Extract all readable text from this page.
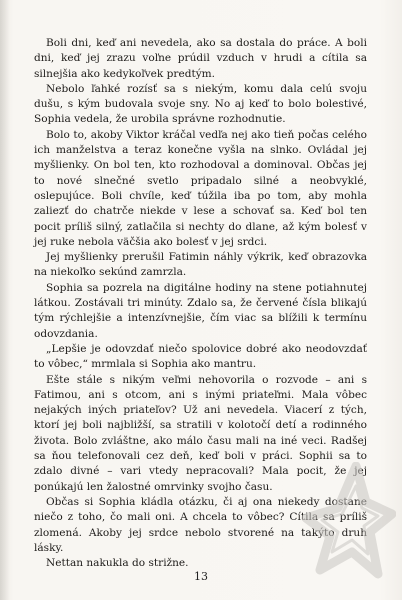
Boli dni, keď ani nevedela, ako sa dostala do práce. A boli dni, keď jej zrazu voľne prúdil vzduch v hrudi a cítila sa silnejšia ako kedykoľvek predtým.

Nebolo ľahké rozísť sa s niekým, komu dala celú svoju dušu, s kým budovala svoje sny. No aj keď to bolo bolestivé, Sophia vedela, že urobila správne rozhodnutie.

Bolo to, akoby Viktor kráčal vedľa nej ako tieň počas celého ich manželstva a teraz konečne vyšla na slnko. Ovládal jej myšlienky. On bol ten, kto rozhodoval a dominoval. Občas jej to nové slnečné svetlo pripadalo silné a neobvyklé, oslepujúce. Boli chvíle, keď túžila iba po tom, aby mohla zaliezť do chatrče niekde v lese a schovať sa. Keď bol ten pocit príliš silný, zatlačila si nechty do dlane, až kým bolesť v jej ruke nebola väčšia ako bolesť v jej srdci.

Jej myšlienky prerušil Fatimin náhly výkrik, keď obrazovka na niekoľko sekúnd zamrzla.

Sophia sa pozrela na digitálne hodiny na stene potiahnutej látkou. Zostávali tri minúty. Zdalo sa, že červené čísla blikajú tým rýchlejšie a intenzívnejšie, čím viac sa blížili k termínu odovzdania.

„Lepšie je odovzdať niečo spolovice dobré ako neodovzdať to vôbec,“ mrmlala si Sophia ako mantru.

Ešte stále s nikým veľmi nehovorila o rozvode – ani s Fatimou, ani s otcom, ani s inými priateľmi. Mala vôbec nejakých iných priateľov? Už ani nevedela. Viacerí z tých, ktorí jej boli najbližší, sa stratili v kolotočí detí a rodinného života. Bolo zvláštne, ako málo času mali na iné veci. Radšej sa ňou telefonovali cez deň, keď boli v práci. Sophii sa to zdalo divné – vari vtedy nepracovali? Mala pocit, že jej ponúkajú len žalostné omrvinky svojho času.

Občas si Sophia kládla otázku, či aj ona niekedy dostane niečo z toho, čo mali oni. A chcela to vôbec? Cítila sa príliš zlomená. Akoby jej srdce nebolo stvorené na takýto druh lásky.

Nettan nakukla do strižne.

13
